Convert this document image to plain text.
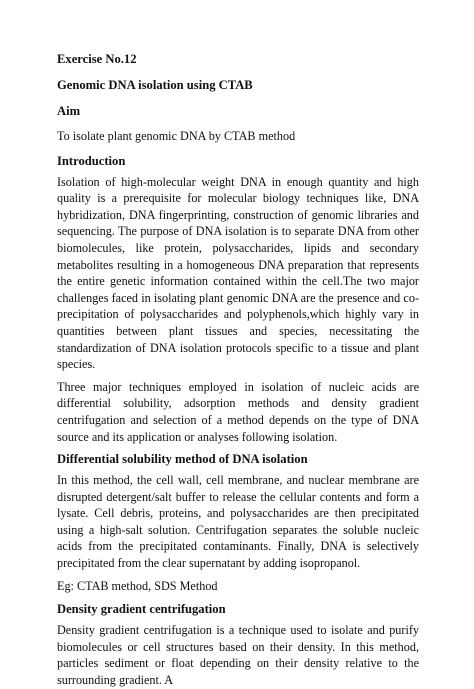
Exercise No.12

Genomic DNA isolation using CTAB

Aim

To isolate plant genomic DNA by CTAB method

Introduction

Isolation of high-molecular weight DNA in enough quantity and high quality is a prerequisite for molecular biology techniques like, DNA hybridization, DNA fingerprinting, construction of genomic libraries and sequencing. The purpose of DNA isolation is to separate DNA from other biomolecules, like protein, polysaccharides, lipids and secondary metabolites resulting in a homogeneous DNA preparation that represents the entire genetic information contained within the cell.The two major challenges faced in isolating plant genomic DNA are the presence and co-precipitation of polysaccharides and polyphenols,which highly vary in quantities between plant tissues and species, necessitating the standardization of DNA isolation protocols specific to a tissue and plant species.

Three major techniques employed in isolation of nucleic acids are differential solubility, adsorption methods and density gradient centrifugation and selection of a method depends on the type of DNA source and its application or analyses following isolation.

Differential solubility method of DNA isolation

In this method, the cell wall, cell membrane, and nuclear membrane are disrupted detergent/salt buffer to release the cellular contents and form a lysate. Cell debris, proteins, and polysaccharides are then precipitated using a high-salt solution. Centrifugation separates the soluble nucleic acids from the precipitated contaminants. Finally, DNA is selectively precipitated from the clear supernatant by adding isopropanol.

Eg: CTAB method, SDS Method

Density gradient centrifugation

Density gradient centrifugation is a technique used to isolate and purify biomolecules or cell structures based on their density. In this method, particles sediment or float depending on their density relative to the surrounding gradient. A
